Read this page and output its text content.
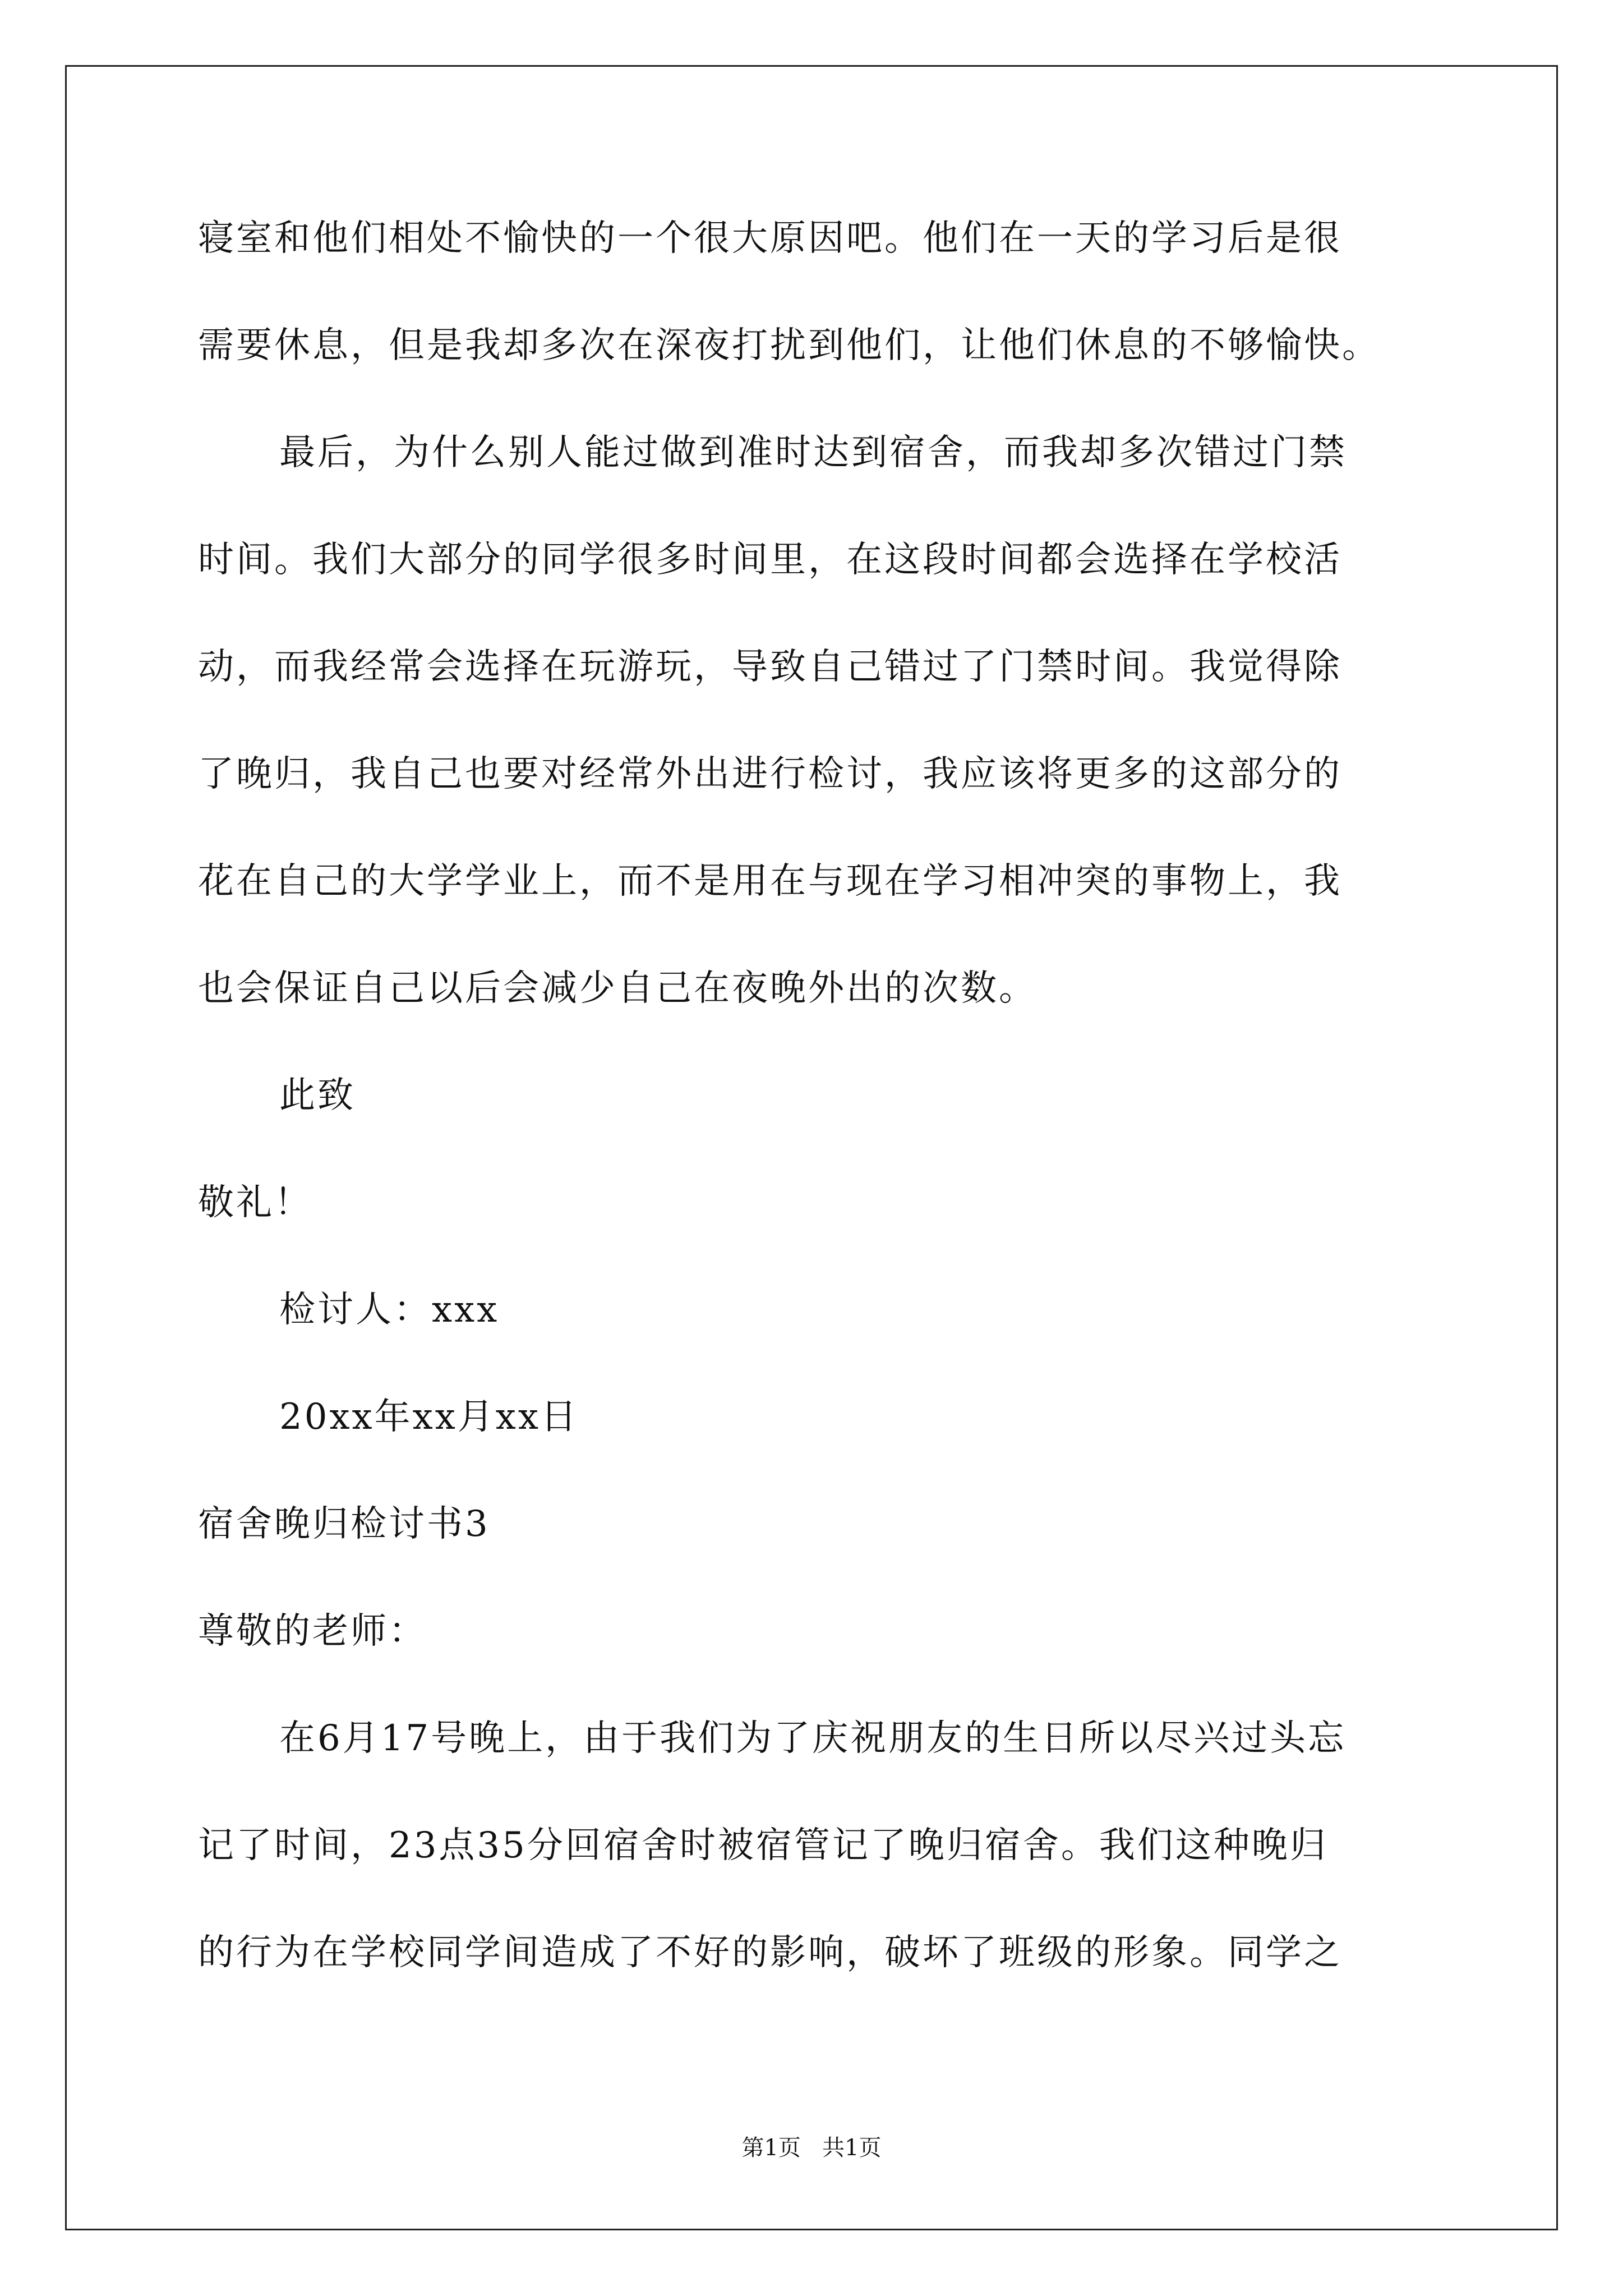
寝室和他们相处不愉快的一个很大原因吧。他们在一天的学习后是很
需要休息，但是我却多次在深夜打扰到他们，让他们休息的不够愉快。
最后，为什么别人能过做到准时达到宿舍，而我却多次错过门禁
时间。我们大部分的同学很多时间里，在这段时间都会选择在学校活
动，而我经常会选择在玩游玩，导致自己错过了门禁时间。我觉得除
了晚归，我自己也要对经常外出进行检讨，我应该将更多的这部分的
花在自己的大学学业上，而不是用在与现在学习相冲突的事物上，我
也会保证自己以后会减少自己在夜晚外出的次数。
此致
敬礼！
检讨人：xxx
20xx年xx月xx日
宿舍晚归检讨书3
尊敬的老师：
在6月17号晚上，由于我们为了庆祝朋友的生日所以尽兴过头忘
记了时间，23点35分回宿舍时被宿管记了晚归宿舍。我们这种晚归
的行为在学校同学间造成了不好的影响，破坏了班级的形象。同学之
第1页   共1页
